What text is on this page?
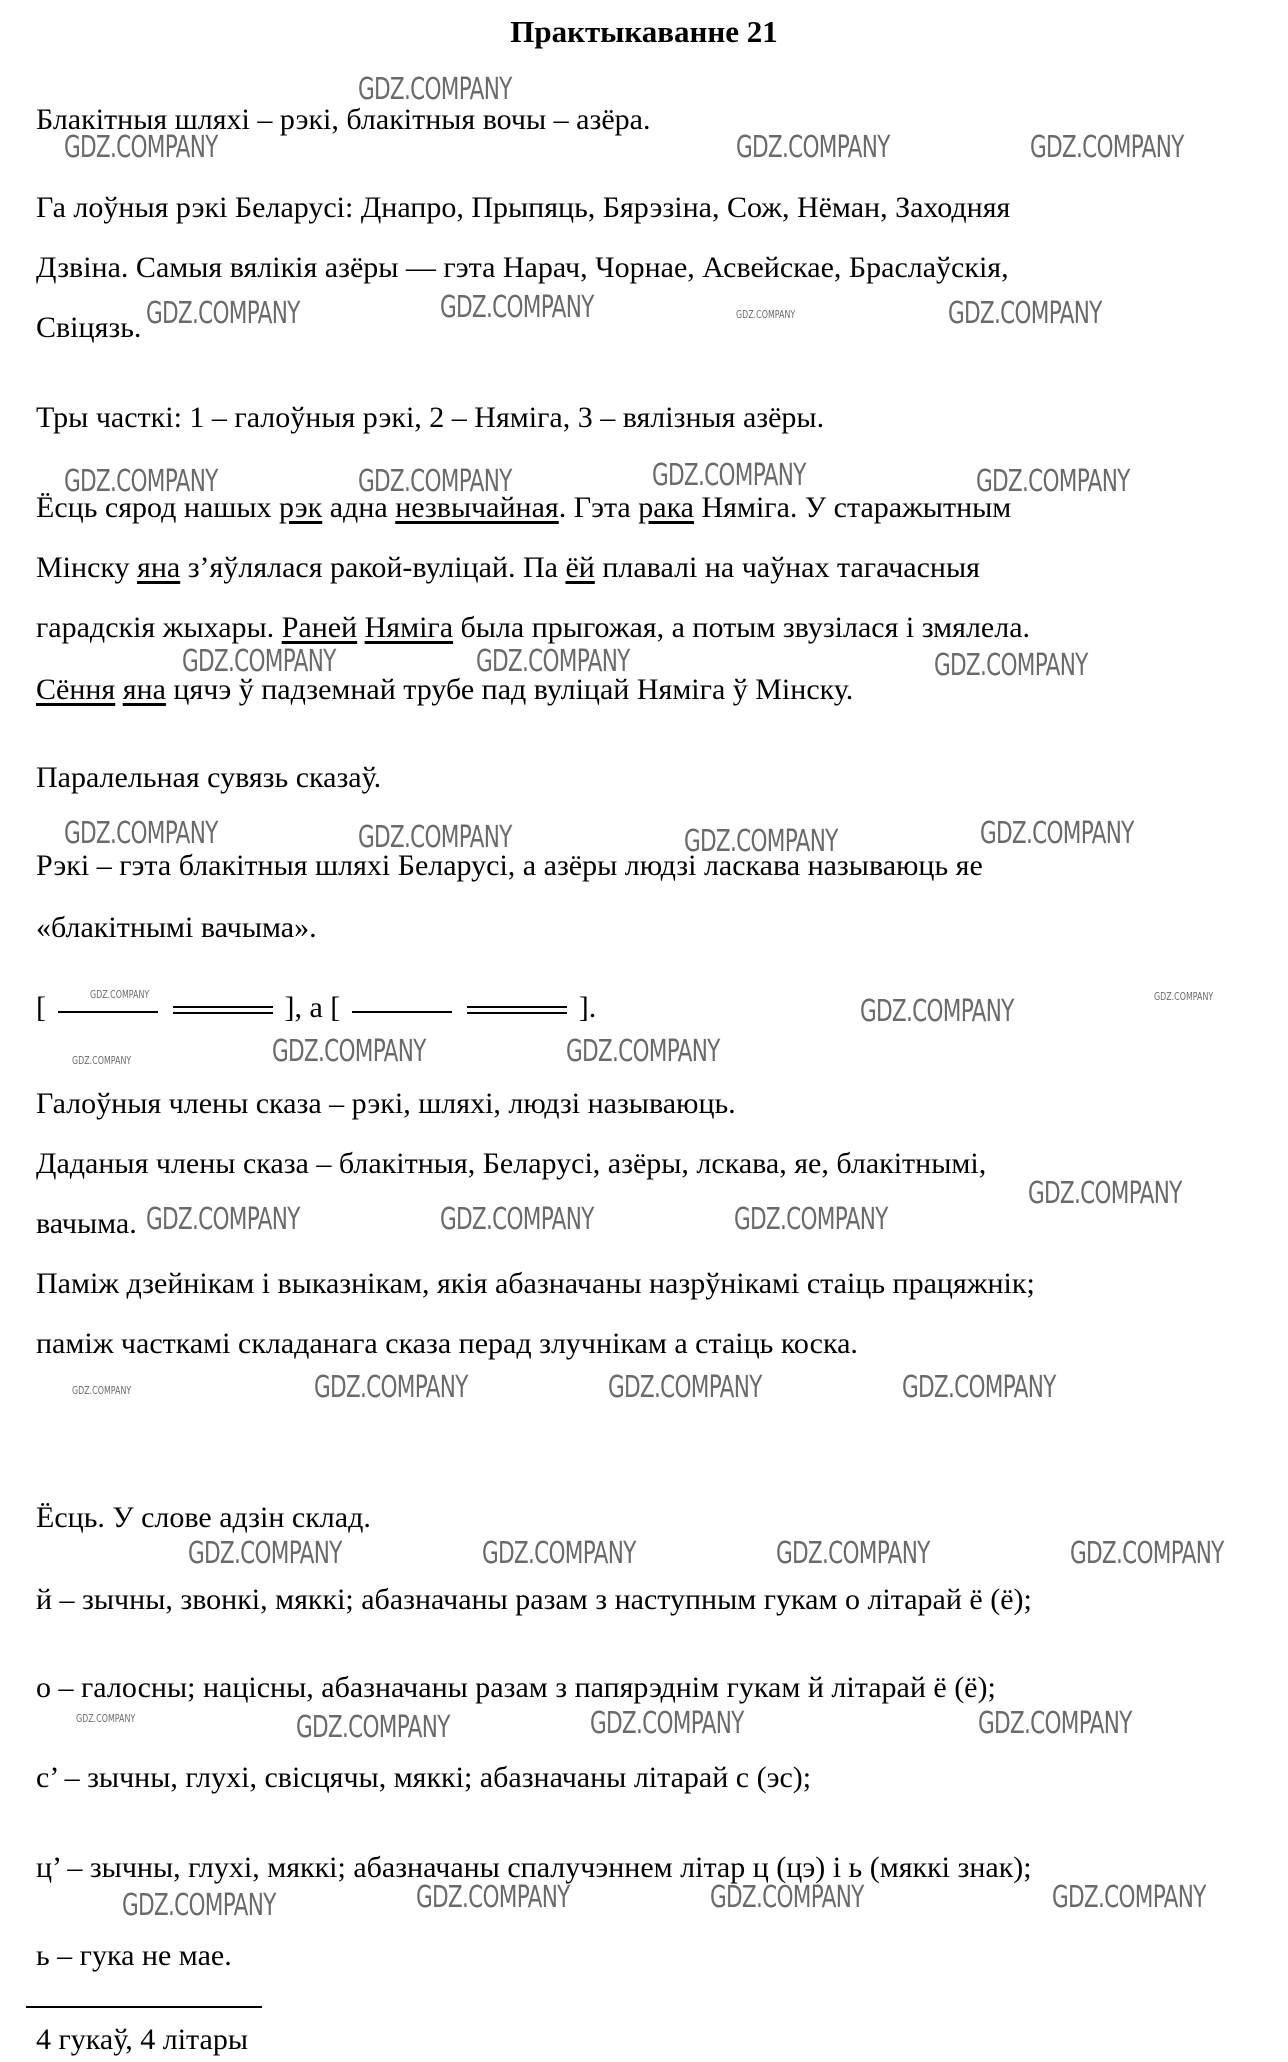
Практыкаванне 21
Блакітныя шляхі – рэкі, блакітныя вочы – азёра.
Га лоўныя рэкі Беларусі: Днапро, Прыпяць, Бярэзіна, Сож, Нёман, Заходняя
Дзвіна. Самыя вялікія азёры — гэта Нарач, Чорнае, Асвейскае, Браслаўскія,
Свіцязь.
Тры часткі: 1 – галоўныя рэкі, 2 – Няміга, 3 – вялізныя азёры.
Ёсць сярод нашых рэк адна незвычайная. Гэта рака Няміга. У старажытным
Мінску яна з’яўлялася ракой-вуліцай. Па ёй плавалі на чаўнах тагачасныя
гарадскія жыхары. Раней Няміга была прыгожая, а потым звузілася і змялела.
Сёння яна цячэ ў падземнай трубе пад вуліцай Няміга ў Мінску.
Паралельная сувязь сказаў.
Рэкі – гэта блакітныя шляхі Беларусі, а азёры людзі ласкава называюць яе
«блакітнымі вачыма».
[	], а [	].
Галоўныя члены сказа – рэкі, шляхі, людзі называюць.
Даданыя члены сказа – блакітныя, Беларусі, азёры, лскава, яе, блакітнымі,
вачыма.
Паміж дзейнікам і выказнікам, якія абазначаны назрўнікамі стаіць працяжнік;
паміж часткамі складанага сказа перад злучнікам а стаіць коска.
Ёсць. У слове адзін склад.
й – зычны, звонкі, мяккі; абазначаны разам з наступным гукам о літарай ё (ё);
о – галосны; націсны, абазначаны разам з папярэднім гукам й літарай ё (ё);
с’ – зычны, глухі, свісцячы, мяккі; абазначаны літарай с (эс);
ц’ – зычны, глухі, мяккі; абазначаны спалучэннем літар ц (цэ) і ь (мяккі знак);
ь – гука не мае.
4 гукаў, 4 літары
GDZ.COMPANY
GDZ.COMPANY	GDZ.COMPANY	GDZ.COMPANY
GDZ.COMPANY	GDZ.COMPANY	GDZ.COMPANY	GDZ.COMPANY
GDZ.COMPANY	GDZ.COMPANY	GDZ.COMPANY	GDZ.COMPANY
GDZ.COMPANY	GDZ.COMPANY	GDZ.COMPANY
GDZ.COMPANY	GDZ.COMPANY	GDZ.COMPANY	GDZ.COMPANY
GDZ.COMPANY	GDZ.COMPANY	GDZ.COMPANY
GDZ.COMPANY	GDZ.COMPANY	GDZ.COMPANY
GDZ.COMPANY
GDZ.COMPANY	GDZ.COMPANY	GDZ.COMPANY
GDZ.COMPANY	GDZ.COMPANY	GDZ.COMPANY	GDZ.COMPANY
GDZ.COMPANY	GDZ.COMPANY	GDZ.COMPANY	GDZ.COMPANY
GDZ.COMPANY	GDZ.COMPANY	GDZ.COMPANY	GDZ.COMPANY
GDZ.COMPANY	GDZ.COMPANY	GDZ.COMPANY	GDZ.COMPANY
